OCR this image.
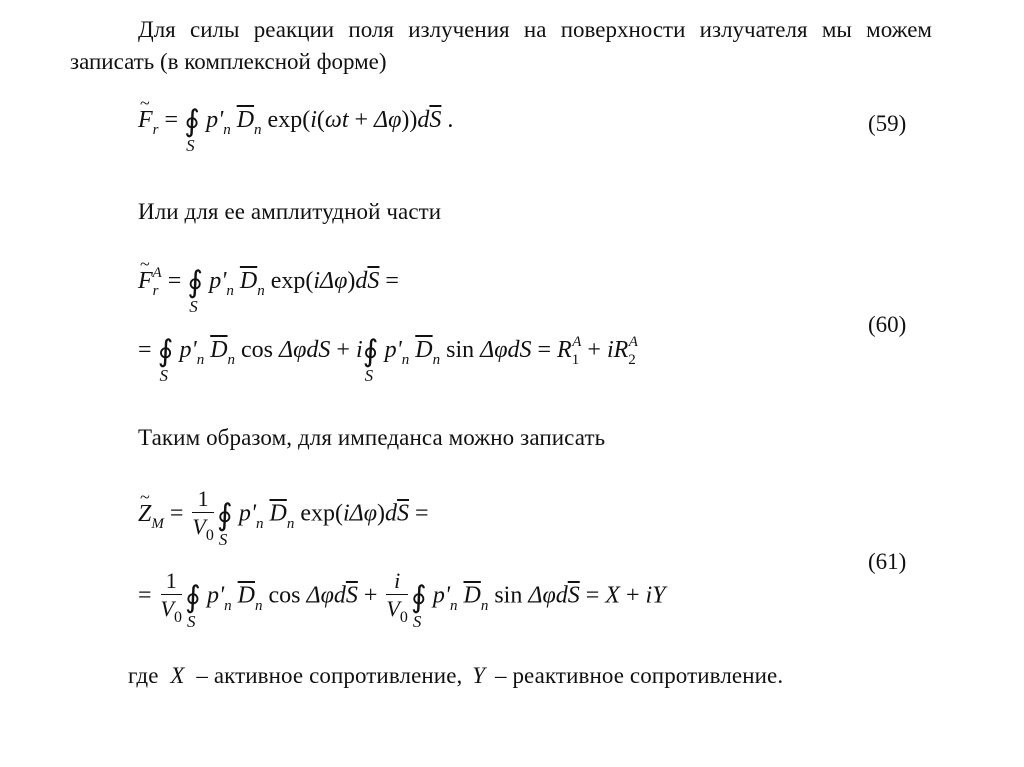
Для силы реакции поля излучения на поверхности излучателя мы можем записать (в комплексной форме)
~ $F_r$ = ∮
S
$p'_n$ $\overline{D}_n$ $\exp(i(\omega t + \Delta\varphi))d\overline{S}$ .	(59)
Или для ее амплитудной части
~ $F_r^A$ = ∮
S
$p'_n$ $\overline{D}_n$ $\exp(i\Delta\varphi)d\overline{S}$ =
= ∮
S
$p'_n$ $\overline{D}_n$ cos ΔφdS + i∮
S
$p'_n$ $\overline{D}_n$ $\sin \Delta\varphi dS = R_1^A + iR_2^A$
(60)
Таким образом, для импеданса можно записать
~ $Z_M = \frac{1}{V_0}$ ∮
S
$p'_n$ $\overline{D}_n$ $\exp(i\Delta\varphi)d\overline{S}$ =
= $\frac{1}{V_0}$ ∮
S
$p'_n$ $\overline{D}_n$ $\cos \Delta\varphi d\overline{S} + \frac{i}{V_0}$ ∮
S
$p'_n$ $\overline{D}_n$ $\sin \Delta\varphi d\overline{S} = X$ + iY
(61)
где X – активное сопротивление, Y – реактивное сопротивление.
